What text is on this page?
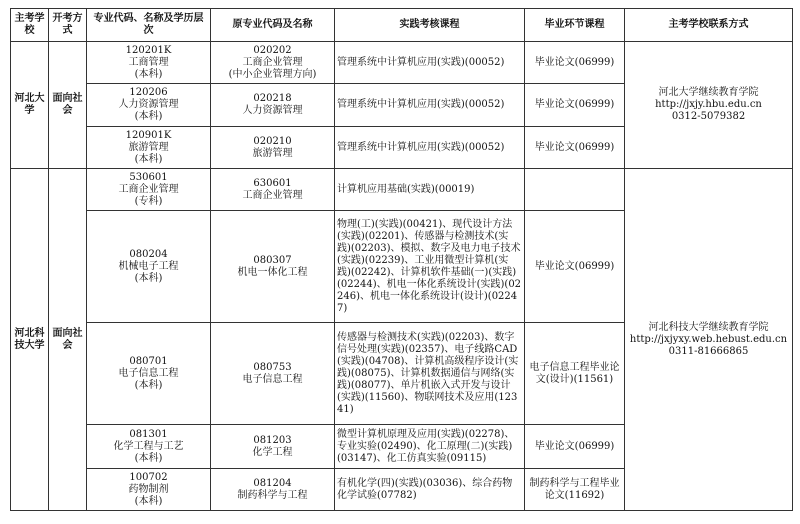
主考学校	开考方式	专业代码、名称及学历层次	原专业代码及名称	实践考核课程	毕业环节课程	主考学校联系方式
河北大学	面向社会	120201K
工商管理
(本科)	020202
工商企业管理
(中小企业管理方向)	管理系统中计算机应用(实践)(00052)	毕业论文(06999)	河北大学继续教育学院
http://jxjy.hbu.edu.cn
0312-5079382

		120206
人力资源管理
(本科)	020218
人力资源管理	管理系统中计算机应用(实践)(00052)	毕业论文(06999)	

		120901K
旅游管理
(本科)	020210
旅游管理	管理系统中计算机应用(实践)(00052)	毕业论文(06999)	
河北科技大学	面向社会	530601
工商企业管理
(专科)	630601
工商企业管理	计算机应用基础(实践)(00019)		河北科技大学继续教育学院
http://jxjyxy.web.hebust.edu.cn
0311-81666865

		080204
机械电子工程
(本科)	080307
机电一体化工程	物理(工)(实践)(00421)、现代设计方法(实践)(02201)、传感器与检测技术(实践)(02203)、模拟、数字及电力电子技术(实践)(02239)、工业用微型计算机(实践)(02242)、计算机软件基础(一)(实践)(02244)、机电一体化系统设计(实践)(02246)、机电一体化系统设计(设计)(02247)	毕业论文(06999)	

		080701
电子信息工程
(本科)	080753
电子信息工程	传感器与检测技术(实践)(02203)、数字信号处理(实践)(02357)、电子线路CAD(实践)(04708)、计算机高级程序设计(实践)(08075)、计算机数据通信与网络(实践)(08077)、单片机嵌入式开发与设计(实践)(11560)、物联网技术及应用(12341)	电子信息工程毕业论文(设计)(11561)	

		081301
化学工程与工艺
(本科)	081203
化学工程	微型计算机原理及应用(实践)(02278)、专业实验(02490)、化工原理(二)(实践)(03147)、化工仿真实验(09115)	毕业论文(06999)	

		100702
药物制剂
(本科)	081204
制药科学与工程	有机化学(四)(实践)(03036)、综合药物化学试验(07782)	制药科学与工程毕业论文(11692)	
